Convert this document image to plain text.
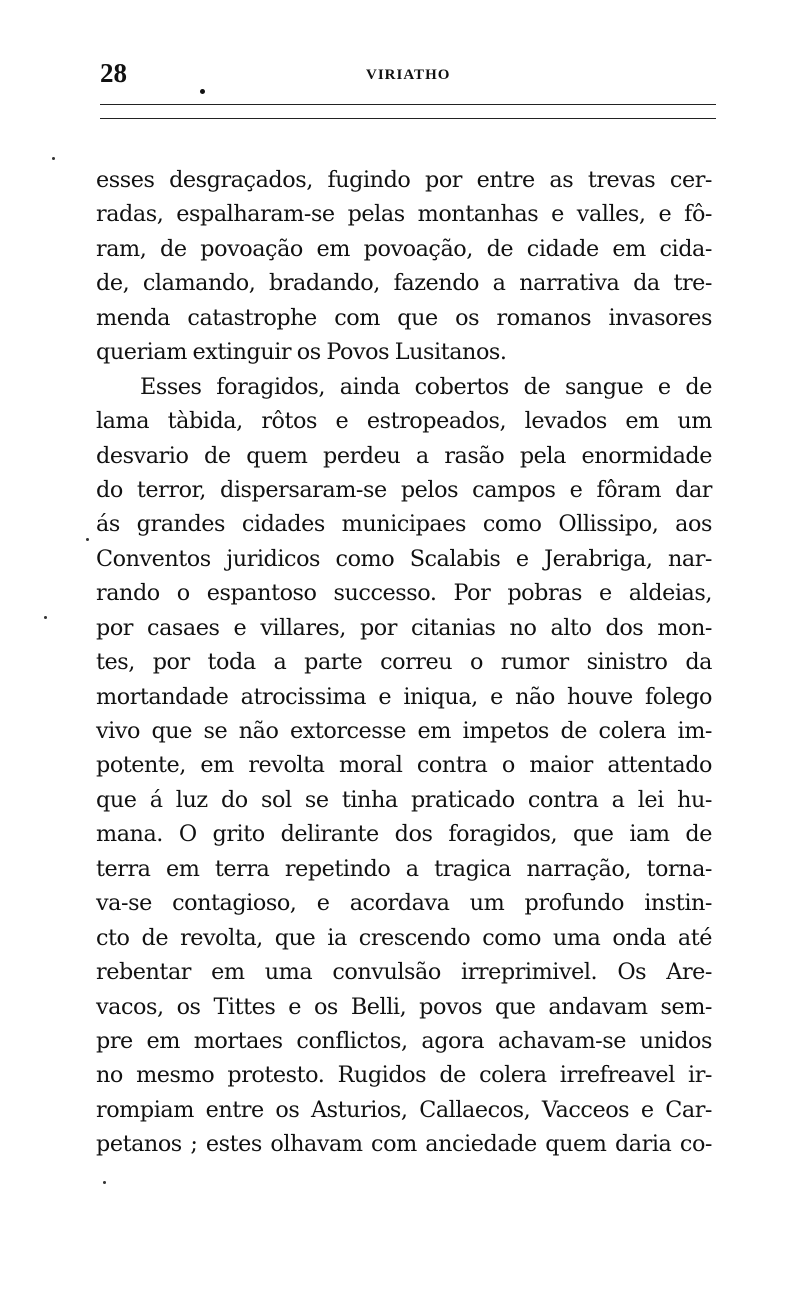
28	VIRIATHO
esses desgraçados, fugindo por entre as trevas cer-
radas, espalharam-se pelas montanhas e valles, e fô-
ram, de povoação em povoação, de cidade em cida-
de, clamando, bradando, fazendo a narrativa da tre-
menda catastrophe com que os romanos invasores
queriam extinguir os Povos Lusitanos.
Esses foragidos, ainda cobertos de sangue e de
lama tàbida, rôtos e estropeados, levados em um
desvario de quem perdeu a rasão pela enormidade
do terror, dispersaram-se pelos campos e fôram dar
ás grandes cidades municipaes como Ollissipo, aos
Conventos juridicos como Scalabis e Jerabriga, nar-
rando o espantoso successo. Por pobras e aldeias,
por casaes e villares, por citanias no alto dos mon-
tes, por toda a parte correu o rumor sinistro da
mortandade atrocissima e iniqua, e não houve folego
vivo que se não extorcesse em impetos de colera im-
potente, em revolta moral contra o maior attentado
que á luz do sol se tinha praticado contra a lei hu-
mana. O grito delirante dos foragidos, que iam de
terra em terra repetindo a tragica narração, torna-
va-se contagioso, e acordava um profundo instin-
cto de revolta, que ia crescendo como uma onda até
rebentar em uma convulsão irreprimivel. Os Are-
vacos, os Tittes e os Belli, povos que andavam sem-
pre em mortaes conflictos, agora achavam-se unidos
no mesmo protesto. Rugidos de colera irrefreavel ir-
rompiam entre os Asturios, Callaecos, Vacceos e Car-
petanos ; estes olhavam com anciedade quem daria co-
